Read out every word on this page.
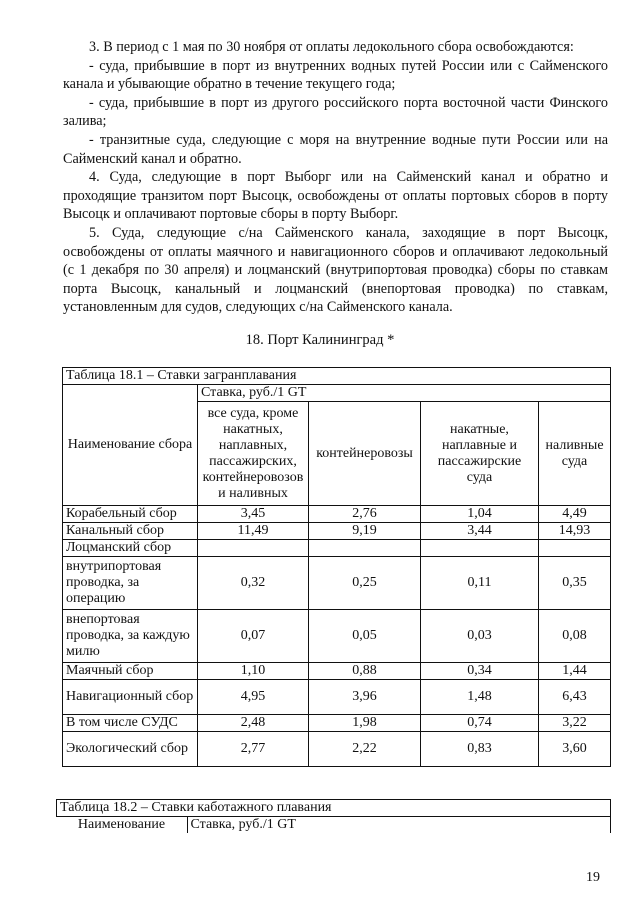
3. В период с 1 мая по 30 ноября от оплаты ледокольного сбора освобождаются:

- суда, прибывшие в порт из внутренних водных путей России или с Сайменского канала и убывающие обратно в течение текущего года;

- суда, прибывшие в порт из другого российского порта восточной части Финского залива;

- транзитные суда, следующие с моря на внутренние водные пути России или на Сайменский канал и обратно.

4. Суда, следующие в порт Выборг или на Сайменский канал и обратно и проходящие транзитом порт Высоцк, освобождены от оплаты портовых сборов в порту Высоцк и оплачивают портовые сборы в порту Выборг.

5. Суда, следующие с/на Сайменского канала, заходящие в порт Высоцк, освобождены от оплаты маячного и навигационного сборов и оплачивают ледокольный (с 1 декабря по 30 апреля) и лоцманский (внутрипортовая проводка) сборы по ставкам порта Высоцк, канальный и лоцманский (внепортовая проводка) по ставкам, установленным для судов, следующих с/на Сайменского канала.

18. Порт Калининград *
Таблица 18.1 – Ставки загранплавания				
Наименование сбора	Ставка, руб./1 GT			
	все суда, кроме накатных, наплавных, пассажирских, контейнеровозов и наливных	контейнеровозы	накатные, наплавные и пассажирские суда	наливные суда
Корабельный сбор	3,45	2,76	1,04	4,49
Канальный сбор	11,49	9,19	3,44	14,93
Лоцманский сбор				
внутрипортовая проводка, за операцию	0,32	0,25	0,11	0,35
внепортовая проводка, за каждую милю	0,07	0,05	0,03	0,08
Маячный сбор	1,10	0,88	0,34	1,44
Навигационный сбор	4,95	3,96	1,48	6,43
В том числе СУДС	2,48	1,98	0,74	3,22
Экологический сбор	2,77	2,22	0,83	3,60
Таблица 18.2 – Ставки каботажного плавания
Наименование	Ставка, руб./1 GT
19
